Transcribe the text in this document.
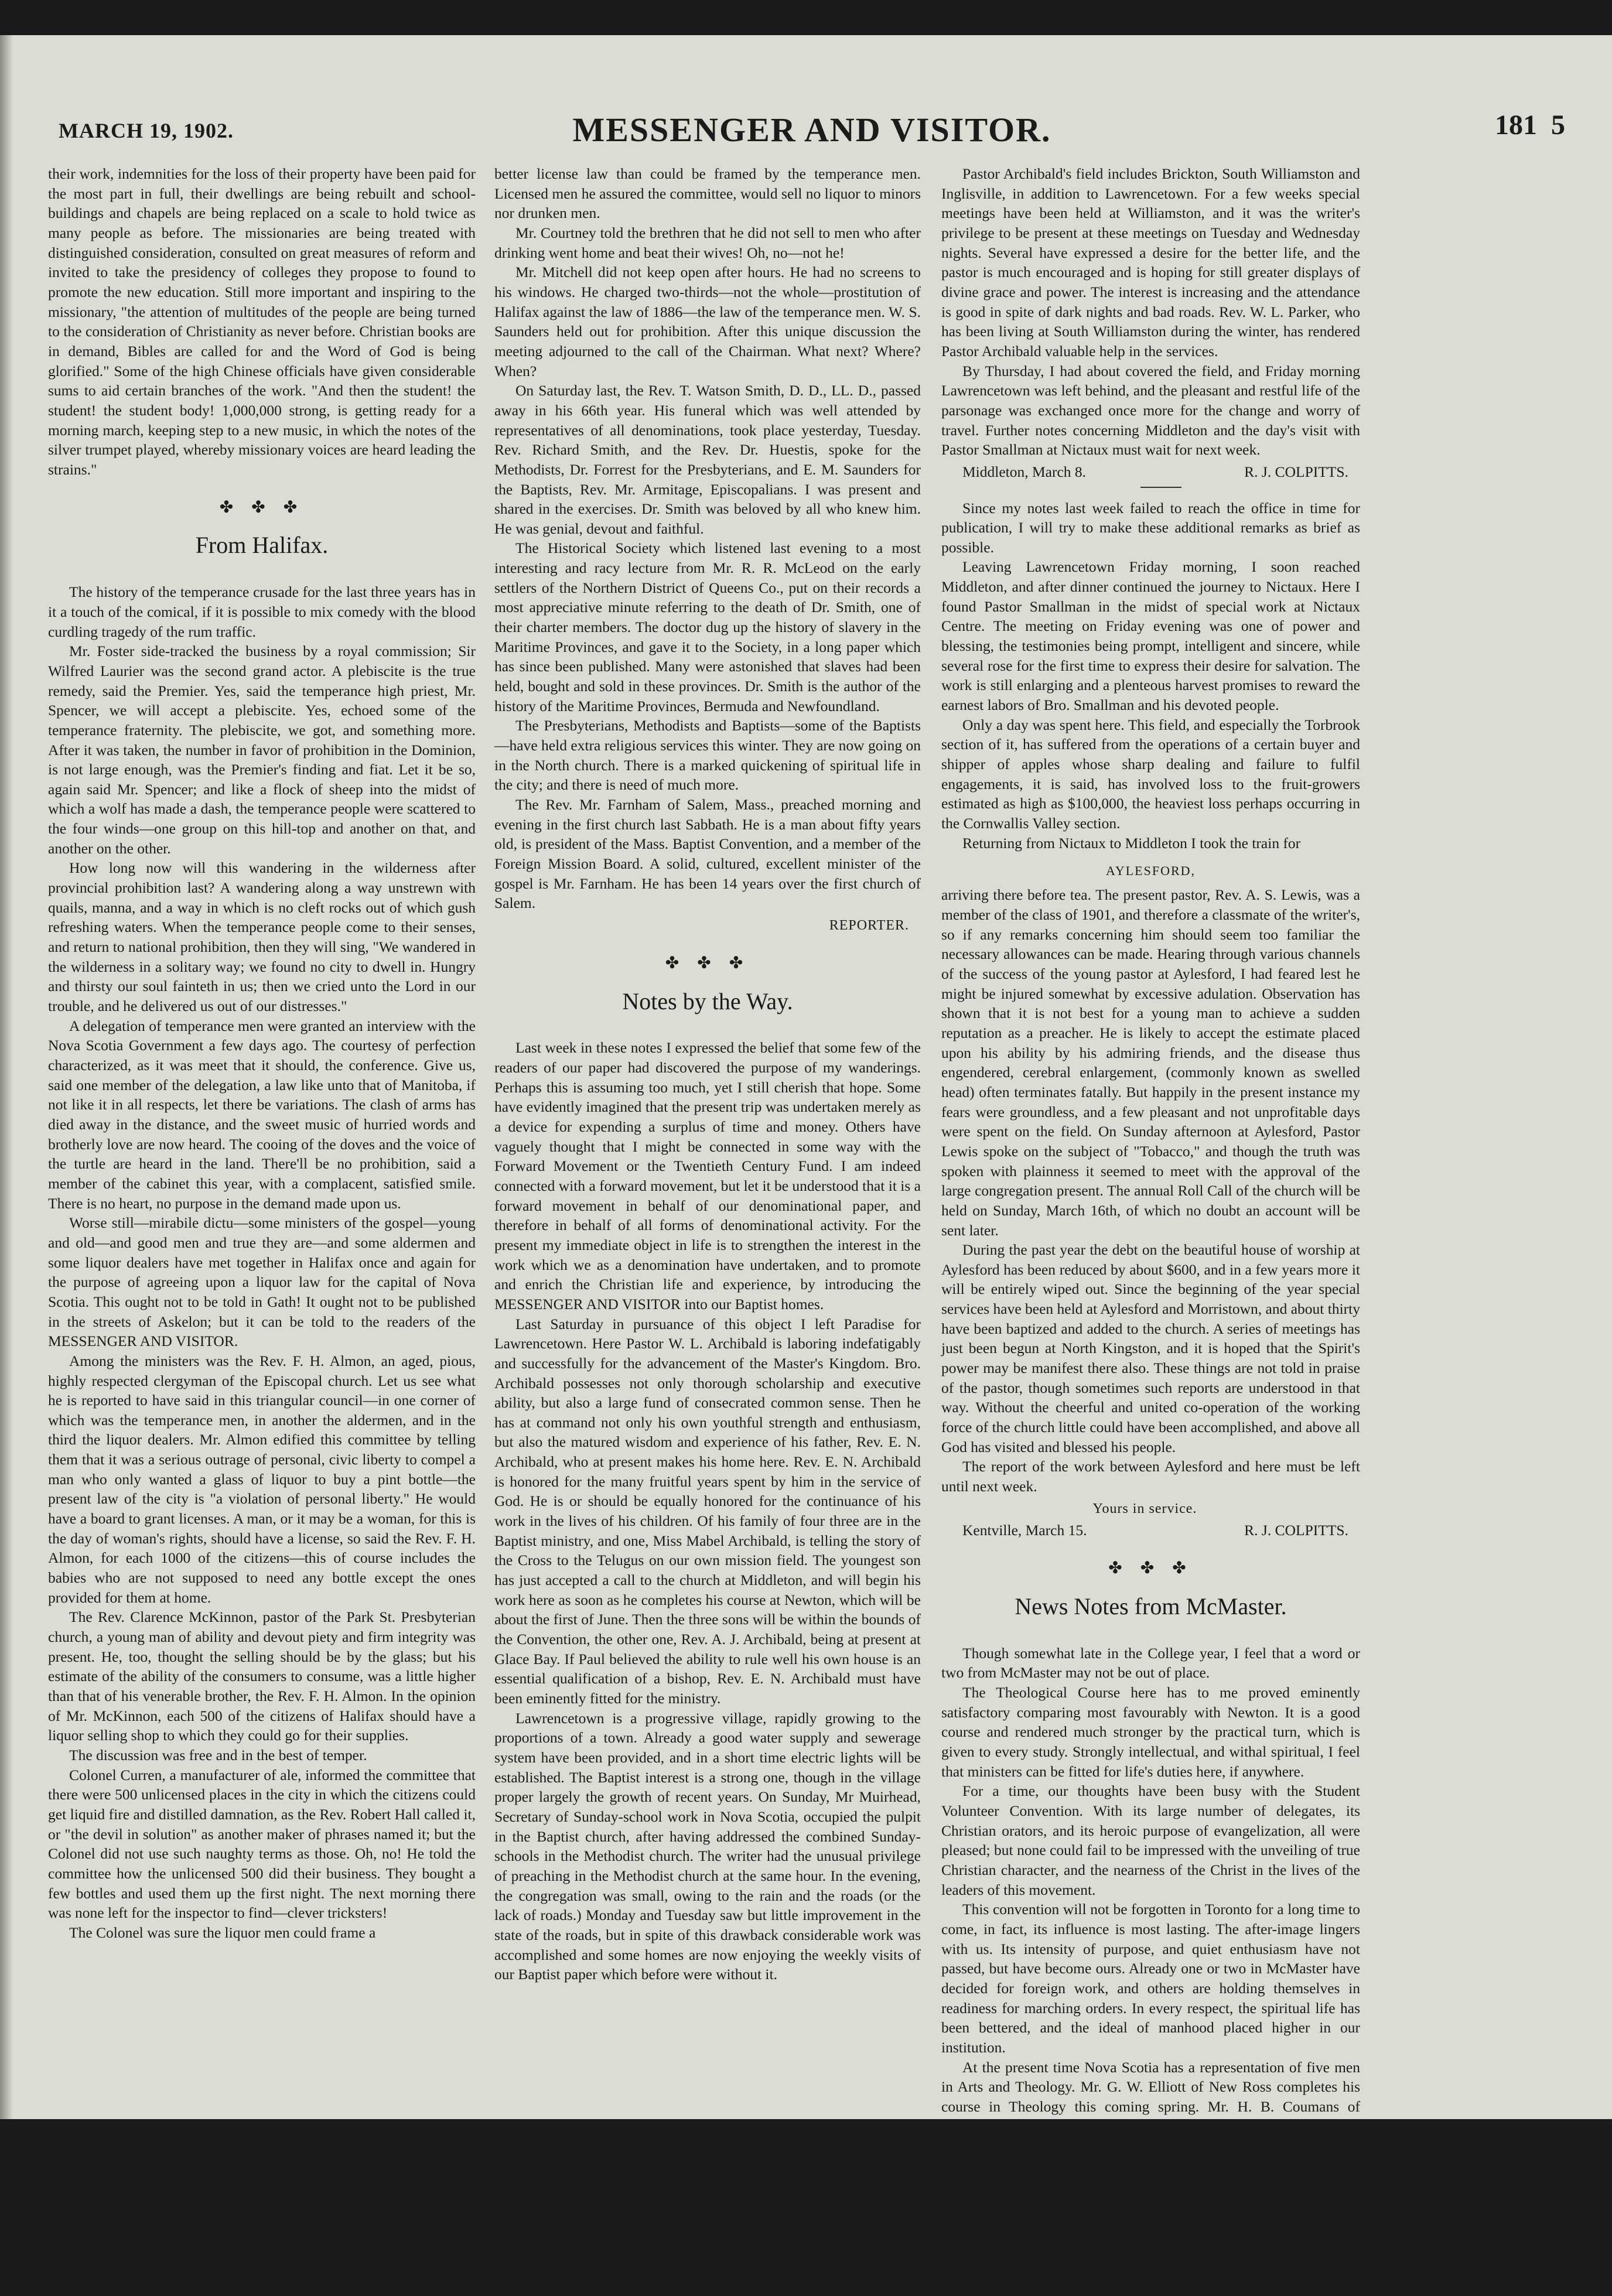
MARCH 19, 1902.	MESSENGER AND VISITOR.	181 5

their work, indemnities for the loss of their property have been paid for the most part in full, their dwellings are being rebuilt and school-buildings and chapels are being replaced on a scale to hold twice as many people as before. The missionaries are being treated with distinguished consideration, consulted on great measures of reform and invited to take the presidency of colleges they propose to found to promote the new education. Still more important and inspiring to the missionary, "the attention of multitudes of the people are being turned to the consideration of Christianity as never before. Christian books are in demand, Bibles are called for and the Word of God is being glorified." Some of the high Chinese officials have given considerable sums to aid certain branches of the work. "And then the student! the student! the student body! 1,000,000 strong, is getting ready for a morning march, keeping step to a new music, in which the notes of the silver trumpet played, whereby missionary voices are heard leading the strains."

✤ ✤ ✤
From Halifax.

The history of the temperance crusade for the last three years has in it a touch of the comical, if it is possible to mix comedy with the blood curdling tragedy of the rum traffic.

Mr. Foster side-tracked the business by a royal commission; Sir Wilfred Laurier was the second grand actor. A plebiscite is the true remedy, said the Premier. Yes, said the temperance high priest, Mr. Spencer, we will accept a plebiscite. Yes, echoed some of the temperance fraternity. The plebiscite, we got, and something more. After it was taken, the number in favor of prohibition in the Dominion, is not large enough, was the Premier's finding and fiat. Let it be so, again said Mr. Spencer; and like a flock of sheep into the midst of which a wolf has made a dash, the temperance people were scattered to the four winds—one group on this hill-top and another on that, and another on the other.

How long now will this wandering in the wilderness after provincial prohibition last? A wandering along a way unstrewn with quails, manna, and a way in which is no cleft rocks out of which gush refreshing waters. When the temperance people come to their senses, and return to national prohibition, then they will sing, "We wandered in the wilderness in a solitary way; we found no city to dwell in. Hungry and thirsty our soul fainteth in us; then we cried unto the Lord in our trouble, and he delivered us out of our distresses."

A delegation of temperance men were granted an interview with the Nova Scotia Government a few days ago. The courtesy of perfection characterized, as it was meet that it should, the conference. Give us, said one member of the delegation, a law like unto that of Manitoba, if not like it in all respects, let there be variations. The clash of arms has died away in the distance, and the sweet music of hurried words and brotherly love are now heard. The cooing of the doves and the voice of the turtle are heard in the land. There'll be no prohibition, said a member of the cabinet this year, with a complacent, satisfied smile. There is no heart, no purpose in the demand made upon us.

Worse still—mirabile dictu—some ministers of the gospel—young and old—and good men and true they are—and some aldermen and some liquor dealers have met together in Halifax once and again for the purpose of agreeing upon a liquor law for the capital of Nova Scotia. This ought not to be told in Gath! It ought not to be published in the streets of Askelon; but it can be told to the readers of the MESSENGER AND VISITOR.

Among the ministers was the Rev. F. H. Almon, an aged, pious, highly respected clergyman of the Episcopal church. Let us see what he is reported to have said in this triangular council—in one corner of which was the temperance men, in another the aldermen, and in the third the liquor dealers. Mr. Almon edified this committee by telling them that it was a serious outrage of personal, civic liberty to compel a man who only wanted a glass of liquor to buy a pint bottle—the present law of the city is "a violation of personal liberty." He would have a board to grant licenses. A man, or it may be a woman, for this is the day of woman's rights, should have a license, so said the Rev. F. H. Almon, for each 1000 of the citizens—this of course includes the babies who are not supposed to need any bottle except the ones provided for them at home.

The Rev. Clarence McKinnon, pastor of the Park St. Presbyterian church, a young man of ability and devout piety and firm integrity was present. He, too, thought the selling should be by the glass; but his estimate of the ability of the consumers to consume, was a little higher than that of his venerable brother, the Rev. F. H. Almon. In the opinion of Mr. McKinnon, each 500 of the citizens of Halifax should have a liquor selling shop to which they could go for their supplies.

The discussion was free and in the best of temper.

Colonel Curren, a manufacturer of ale, informed the committee that there were 500 unlicensed places in the city in which the citizens could get liquid fire and distilled damnation, as the Rev. Robert Hall called it, or "the devil in solution" as another maker of phrases named it; but the Colonel did not use such naughty terms as those. Oh, no! He told the committee how the unlicensed 500 did their business. They bought a few bottles and used them up the first night. The next morning there was none left for the inspector to find—clever tricksters!

The Colonel was sure the liquor men could frame a

better license law than could be framed by the temperance men. Licensed men he assured the committee, would sell no liquor to minors nor drunken men.

Mr. Courtney told the brethren that he did not sell to men who after drinking went home and beat their wives! Oh, no—not he!

Mr. Mitchell did not keep open after hours. He had no screens to his windows. He charged two-thirds—not the whole—prostitution of Halifax against the law of 1886—the law of the temperance men. W. S. Saunders held out for prohibition. After this unique discussion the meeting adjourned to the call of the Chairman. What next? Where? When?

On Saturday last, the Rev. T. Watson Smith, D. D., LL. D., passed away in his 66th year. His funeral which was well attended by representatives of all denominations, took place yesterday, Tuesday. Rev. Richard Smith, and the Rev. Dr. Huestis, spoke for the Methodists, Dr. Forrest for the Presbyterians, and E. M. Saunders for the Baptists, Rev. Mr. Armitage, Episcopalians. I was present and shared in the exercises. Dr. Smith was beloved by all who knew him. He was genial, devout and faithful.

The Historical Society which listened last evening to a most interesting and racy lecture from Mr. R. R. McLeod on the early settlers of the Northern District of Queens Co., put on their records a most appreciative minute referring to the death of Dr. Smith, one of their charter members. The doctor dug up the history of slavery in the Maritime Provinces, and gave it to the Society, in a long paper which has since been published. Many were astonished that slaves had been held, bought and sold in these provinces. Dr. Smith is the author of the history of the Maritime Provinces, Bermuda and Newfoundland.

The Presbyterians, Methodists and Baptists—some of the Baptists—have held extra religious services this winter. They are now going on in the North church. There is a marked quickening of spiritual life in the city; and there is need of much more.

The Rev. Mr. Farnham of Salem, Mass., preached morning and evening in the first church last Sabbath. He is a man about fifty years old, is president of the Mass. Baptist Convention, and a member of the Foreign Mission Board. A solid, cultured, excellent minister of the gospel is Mr. Farnham. He has been 14 years over the first church of Salem.

REPORTER.
✤ ✤ ✤
Notes by the Way.

Last week in these notes I expressed the belief that some few of the readers of our paper had discovered the purpose of my wanderings. Perhaps this is assuming too much, yet I still cherish that hope. Some have evidently imagined that the present trip was undertaken merely as a device for expending a surplus of time and money. Others have vaguely thought that I might be connected in some way with the Forward Movement or the Twentieth Century Fund. I am indeed connected with a forward movement, but let it be understood that it is a forward movement in behalf of our denominational paper, and therefore in behalf of all forms of denominational activity. For the present my immediate object in life is to strengthen the interest in the work which we as a denomination have undertaken, and to promote and enrich the Christian life and experience, by introducing the MESSENGER AND VISITOR into our Baptist homes.

Last Saturday in pursuance of this object I left Paradise for Lawrencetown. Here Pastor W. L. Archibald is laboring indefatigably and successfully for the advancement of the Master's Kingdom. Bro. Archibald possesses not only thorough scholarship and executive ability, but also a large fund of consecrated common sense. Then he has at command not only his own youthful strength and enthusiasm, but also the matured wisdom and experience of his father, Rev. E. N. Archibald, who at present makes his home here. Rev. E. N. Archibald is honored for the many fruitful years spent by him in the service of God. He is or should be equally honored for the continuance of his work in the lives of his children. Of his family of four three are in the Baptist ministry, and one, Miss Mabel Archibald, is telling the story of the Cross to the Telugus on our own mission field. The youngest son has just accepted a call to the church at Middleton, and will begin his work here as soon as he completes his course at Newton, which will be about the first of June. Then the three sons will be within the bounds of the Convention, the other one, Rev. A. J. Archibald, being at present at Glace Bay. If Paul believed the ability to rule well his own house is an essential qualification of a bishop, Rev. E. N. Archibald must have been eminently fitted for the ministry.

Lawrencetown is a progressive village, rapidly growing to the proportions of a town. Already a good water supply and sewerage system have been provided, and in a short time electric lights will be established. The Baptist interest is a strong one, though in the village proper largely the growth of recent years. On Sunday, Mr Muirhead, Secretary of Sunday-school work in Nova Scotia, occupied the pulpit in the Baptist church, after having addressed the combined Sunday-schools in the Methodist church. The writer had the unusual privilege of preaching in the Methodist church at the same hour. In the evening, the congregation was small, owing to the rain and the roads (or the lack of roads.) Monday and Tuesday saw but little improvement in the state of the roads, but in spite of this drawback considerable work was accomplished and some homes are now enjoying the weekly visits of our Baptist paper which before were without it.

Pastor Archibald's field includes Brickton, South Williamston and Inglisville, in addition to Lawrencetown. For a few weeks special meetings have been held at Williamston, and it was the writer's privilege to be present at these meetings on Tuesday and Wednesday nights. Several have expressed a desire for the better life, and the pastor is much encouraged and is hoping for still greater displays of divine grace and power. The interest is increasing and the attendance is good in spite of dark nights and bad roads. Rev. W. L. Parker, who has been living at South Williamston during the winter, has rendered Pastor Archibald valuable help in the services.

By Thursday, I had about covered the field, and Friday morning Lawrencetown was left behind, and the pleasant and restful life of the parsonage was exchanged once more for the change and worry of travel. Further notes concerning Middleton and the day's visit with Pastor Smallman at Nictaux must wait for next week.

Middleton, March 8.	R. J. COLPITTS.

Since my notes last week failed to reach the office in time for publication, I will try to make these additional remarks as brief as possible.

Leaving Lawrencetown Friday morning, I soon reached Middleton, and after dinner continued the journey to Nictaux. Here I found Pastor Smallman in the midst of special work at Nictaux Centre. The meeting on Friday evening was one of power and blessing, the testimonies being prompt, intelligent and sincere, while several rose for the first time to express their desire for salvation. The work is still enlarging and a plenteous harvest promises to reward the earnest labors of Bro. Smallman and his devoted people.

Only a day was spent here. This field, and especially the Torbrook section of it, has suffered from the operations of a certain buyer and shipper of apples whose sharp dealing and failure to fulfil engagements, it is said, has involved loss to the fruit-growers estimated as high as $100,000, the heaviest loss perhaps occurring in the Cornwallis Valley section.

Returning from Nictaux to Middleton I took the train for

AYLESFORD,

arriving there before tea. The present pastor, Rev. A. S. Lewis, was a member of the class of 1901, and therefore a classmate of the writer's, so if any remarks concerning him should seem too familiar the necessary allowances can be made. Hearing through various channels of the success of the young pastor at Aylesford, I had feared lest he might be injured somewhat by excessive adulation. Observation has shown that it is not best for a young man to achieve a sudden reputation as a preacher. He is likely to accept the estimate placed upon his ability by his admiring friends, and the disease thus engendered, cerebral enlargement, (commonly known as swelled head) often terminates fatally. But happily in the present instance my fears were groundless, and a few pleasant and not unprofitable days were spent on the field. On Sunday afternoon at Aylesford, Pastor Lewis spoke on the subject of "Tobacco," and though the truth was spoken with plainness it seemed to meet with the approval of the large congregation present. The annual Roll Call of the church will be held on Sunday, March 16th, of which no doubt an account will be sent later.

During the past year the debt on the beautiful house of worship at Aylesford has been reduced by about $600, and in a few years more it will be entirely wiped out. Since the beginning of the year special services have been held at Aylesford and Morristown, and about thirty have been baptized and added to the church. A series of meetings has just been begun at North Kingston, and it is hoped that the Spirit's power may be manifest there also. These things are not told in praise of the pastor, though sometimes such reports are understood in that way. Without the cheerful and united co-operation of the working force of the church little could have been accomplished, and above all God has visited and blessed his people.

The report of the work between Aylesford and here must be left until next week.

Yours in service.
Kentville, March 15.	R. J. COLPITTS.
✤ ✤ ✤
News Notes from McMaster.

Though somewhat late in the College year, I feel that a word or two from McMaster may not be out of place.

The Theological Course here has to me proved eminently satisfactory comparing most favourably with Newton. It is a good course and rendered much stronger by the practical turn, which is given to every study. Strongly intellectual, and withal spiritual, I feel that ministers can be fitted for life's duties here, if anywhere.

For a time, our thoughts have been busy with the Student Volunteer Convention. With its large number of delegates, its Christian orators, and its heroic purpose of evangelization, all were pleased; but none could fail to be impressed with the unveiling of true Christian character, and the nearness of the Christ in the lives of the leaders of this movement.

This convention will not be forgotten in Toronto for a long time to come, in fact, its influence is most lasting. The after-image lingers with us. Its intensity of purpose, and quiet enthusiasm have not passed, but have become ours. Already one or two in McMaster have decided for foreign work, and others are holding themselves in readiness for marching orders. In every respect, the spiritual life has been bettered, and the ideal of manhood placed higher in our institution.

At the present time Nova Scotia has a representation of five men in Arts and Theology. Mr. G. W. Elliott of New Ross completes his course in Theology this coming spring. Mr. H. B. Coumans of Lockeport will graduate in Arts in May of this year. Mr. G. S. Johnson of Truro, and Mr. Cyrus S. Eaton of Pugwash are in the Freshman year in Arts. The deplorable accident which has hindered Mr. Leonard of "Acadia" from returning to his school, has awakened the sympathies of all McMaster men, and "Acadia" may be assured of his good treatment, in so far as it lies in the power of McMaster. It is good to know he is improving.

H. L. KEMPTON.

Toronto, Feb. 10.
